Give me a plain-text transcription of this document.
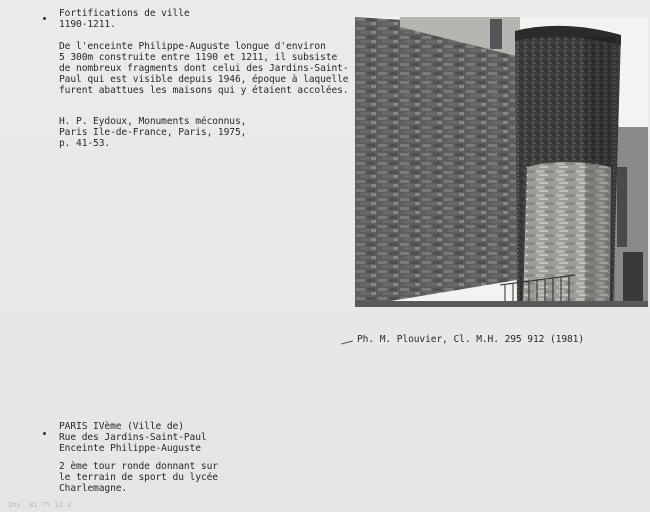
Fortifications de ville
1190-1211.
De l'enceinte Philippe-Auguste longue d'environ
5 300m construite entre 1190 et 1211, il subsiste
de nombreux fragments dont celui des Jardins-Saint-
Paul qui est visible depuis 1946, époque à laquelle
furent abattues les maisons qui y étaient accolées.
H. P. Eydoux, Monuments méconnus,
Paris Ile-de-France, Paris, 1975,
p. 41-53.
Ph. M. Plouvier, Cl. M.H. 295 912 (1981)
PARIS IVème (Ville de)
Rue des Jardins-Saint-Paul
Enceinte Philippe-Auguste
2 ème tour ronde donnant sur
le terrain de sport du lycée
Charlemagne.
Inv. 81 75 12 3
